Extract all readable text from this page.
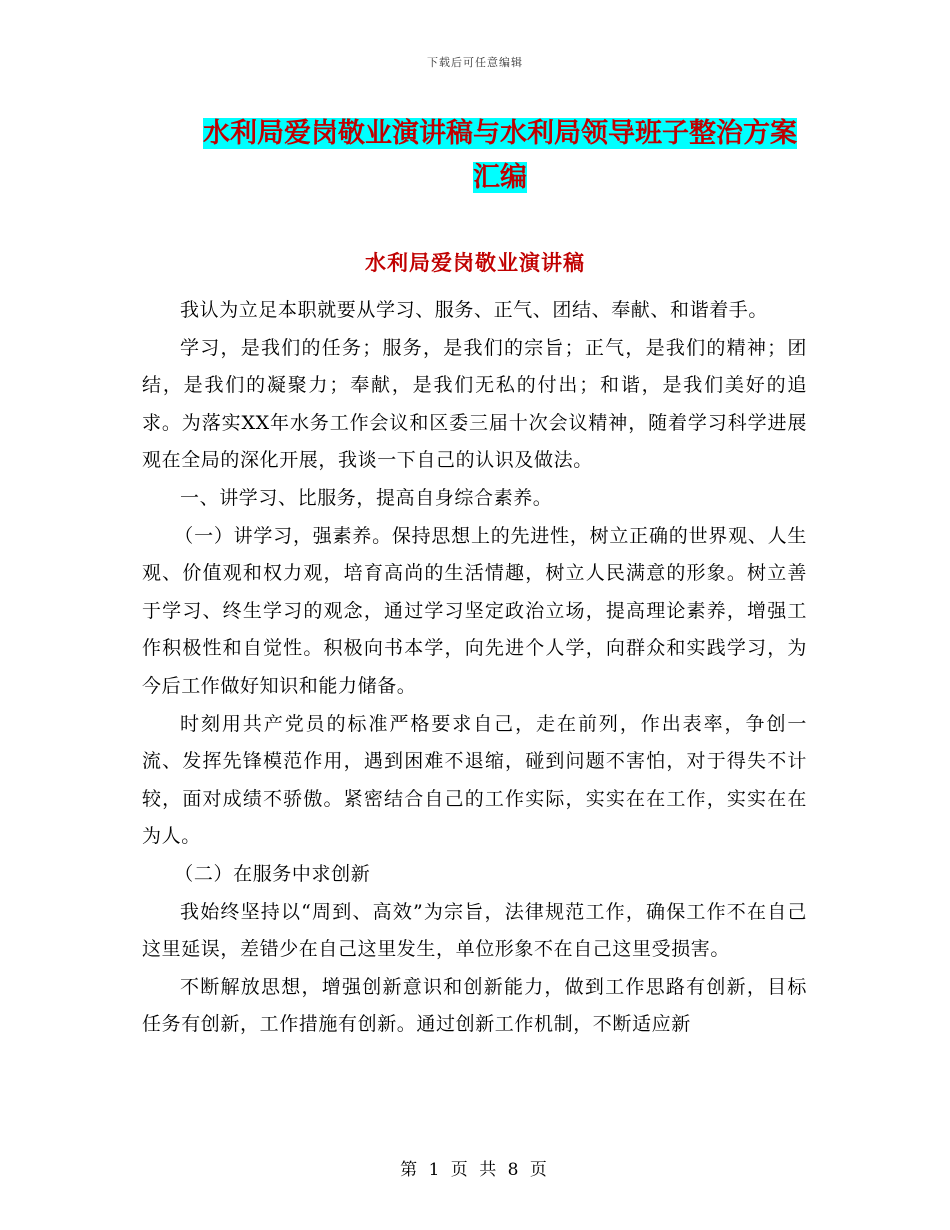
下载后可任意编辑
水利局爱岗敬业演讲稿与水利局领导班子整治方案汇编
水利局爱岗敬业演讲稿

我认为立足本职就要从学习、服务、正气、团结、奉献、和谐着手。

学习，是我们的任务；服务，是我们的宗旨；正气，是我们的精神；团结，是我们的凝聚力；奉献，是我们无私的付出；和谐，是我们美好的追求。为落实XX年水务工作会议和区委三届十次会议精神，随着学习科学进展观在全局的深化开展，我谈一下自己的认识及做法。

一、讲学习、比服务，提高自身综合素养。

（一）讲学习，强素养。保持思想上的先进性，树立正确的世界观、人生观、价值观和权力观，培育高尚的生活情趣，树立人民满意的形象。树立善于学习、终生学习的观念，通过学习坚定政治立场，提高理论素养，增强工作积极性和自觉性。积极向书本学，向先进个人学，向群众和实践学习，为今后工作做好知识和能力储备。

时刻用共产党员的标准严格要求自己，走在前列，作出表率，争创一流、发挥先锋模范作用，遇到困难不退缩，碰到问题不害怕，对于得失不计较，面对成绩不骄傲。紧密结合自己的工作实际，实实在在工作，实实在在为人。

（二）在服务中求创新

我始终坚持以“周到、高效”为宗旨，法律规范工作，确保工作不在自己这里延误，差错少在自己这里发生，单位形象不在自己这里受损害。

不断解放思想，增强创新意识和创新能力，做到工作思路有创新，目标任务有创新，工作措施有创新。通过创新工作机制，不断适应新

第 1 页 共 8 页
